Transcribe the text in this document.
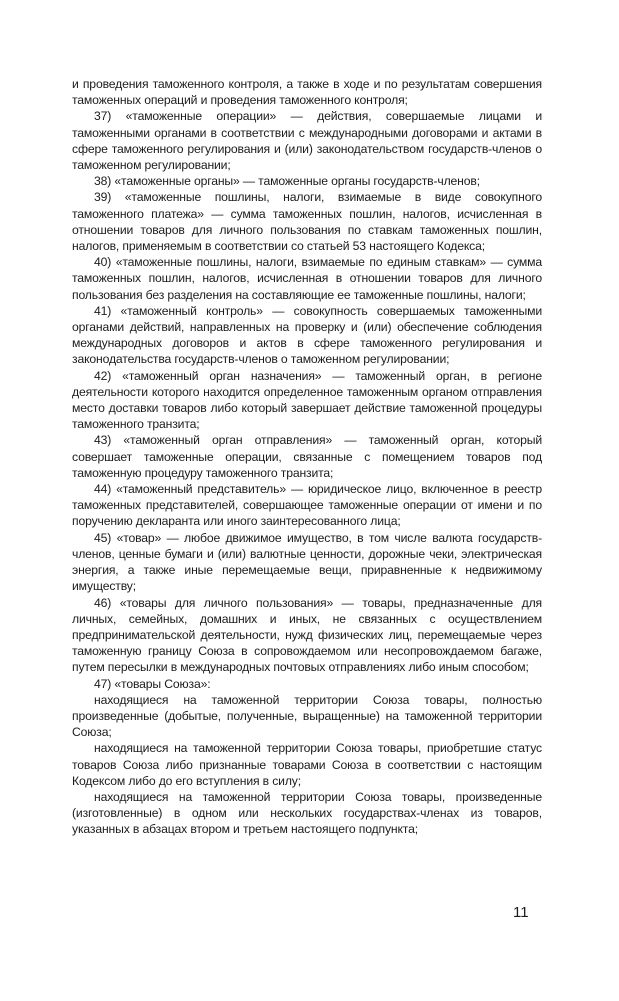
и проведения таможенного контроля, а также в ходе и по результатам совершения таможенных операций и проведения таможенного контроля;

37) «таможенные операции» — действия, совершаемые лицами и таможенными органами в соответствии с международными договорами и актами в сфере таможенного регулирования и (или) законодательством государств-членов о таможенном регулировании;

38) «таможенные органы» — таможенные органы государств-членов;

39) «таможенные пошлины, налоги, взимаемые в виде совокупного таможенного платежа» — сумма таможенных пошлин, налогов, исчисленная в отношении товаров для личного пользования по ставкам таможенных пошлин, налогов, применяемым в соответствии со статьей 53 настоящего Кодекса;

40) «таможенные пошлины, налоги, взимаемые по единым ставкам» — сумма таможенных пошлин, налогов, исчисленная в отношении товаров для личного пользования без разделения на составляющие ее таможенные пошлины, налоги;

41) «таможенный контроль» — совокупность совершаемых таможенными органами действий, направленных на проверку и (или) обеспечение соблюдения международных договоров и актов в сфере таможенного регулирования и законодательства государств-членов о таможенном регулировании;

42) «таможенный орган назначения» — таможенный орган, в регионе деятельности которого находится определенное таможенным органом отправления место доставки товаров либо который завершает действие таможенной процедуры таможенного транзита;

43) «таможенный орган отправления» — таможенный орган, который совершает таможенные операции, связанные с помещением товаров под таможенную процедуру таможенного транзита;

44) «таможенный представитель» — юридическое лицо, включенное в реестр таможенных представителей, совершающее таможенные операции от имени и по поручению декларанта или иного заинтересованного лица;

45) «товар» — любое движимое имущество, в том числе валюта государств-членов, ценные бумаги и (или) валютные ценности, дорожные чеки, электрическая энергия, а также иные перемещаемые вещи, приравненные к недвижимому имуществу;

46) «товары для личного пользования» — товары, предназначенные для личных, семейных, домашних и иных, не связанных с осуществлением предпринимательской деятельности, нужд физических лиц, перемещаемые через таможенную границу Союза в сопровождаемом или несопровождаемом багаже, путем пересылки в международных почтовых отправлениях либо иным способом;

47) «товары Союза»:

находящиеся на таможенной территории Союза товары, полностью произведенные (добытые, полученные, выращенные) на таможенной территории Союза;

находящиеся на таможенной территории Союза товары, приобретшие статус товаров Союза либо признанные товарами Союза в соответствии с настоящим Кодексом либо до его вступления в силу;

находящиеся на таможенной территории Союза товары, произведенные (изготовленные) в одном или нескольких государствах-членах из товаров, указанных в абзацах втором и третьем настоящего подпункта;

11
